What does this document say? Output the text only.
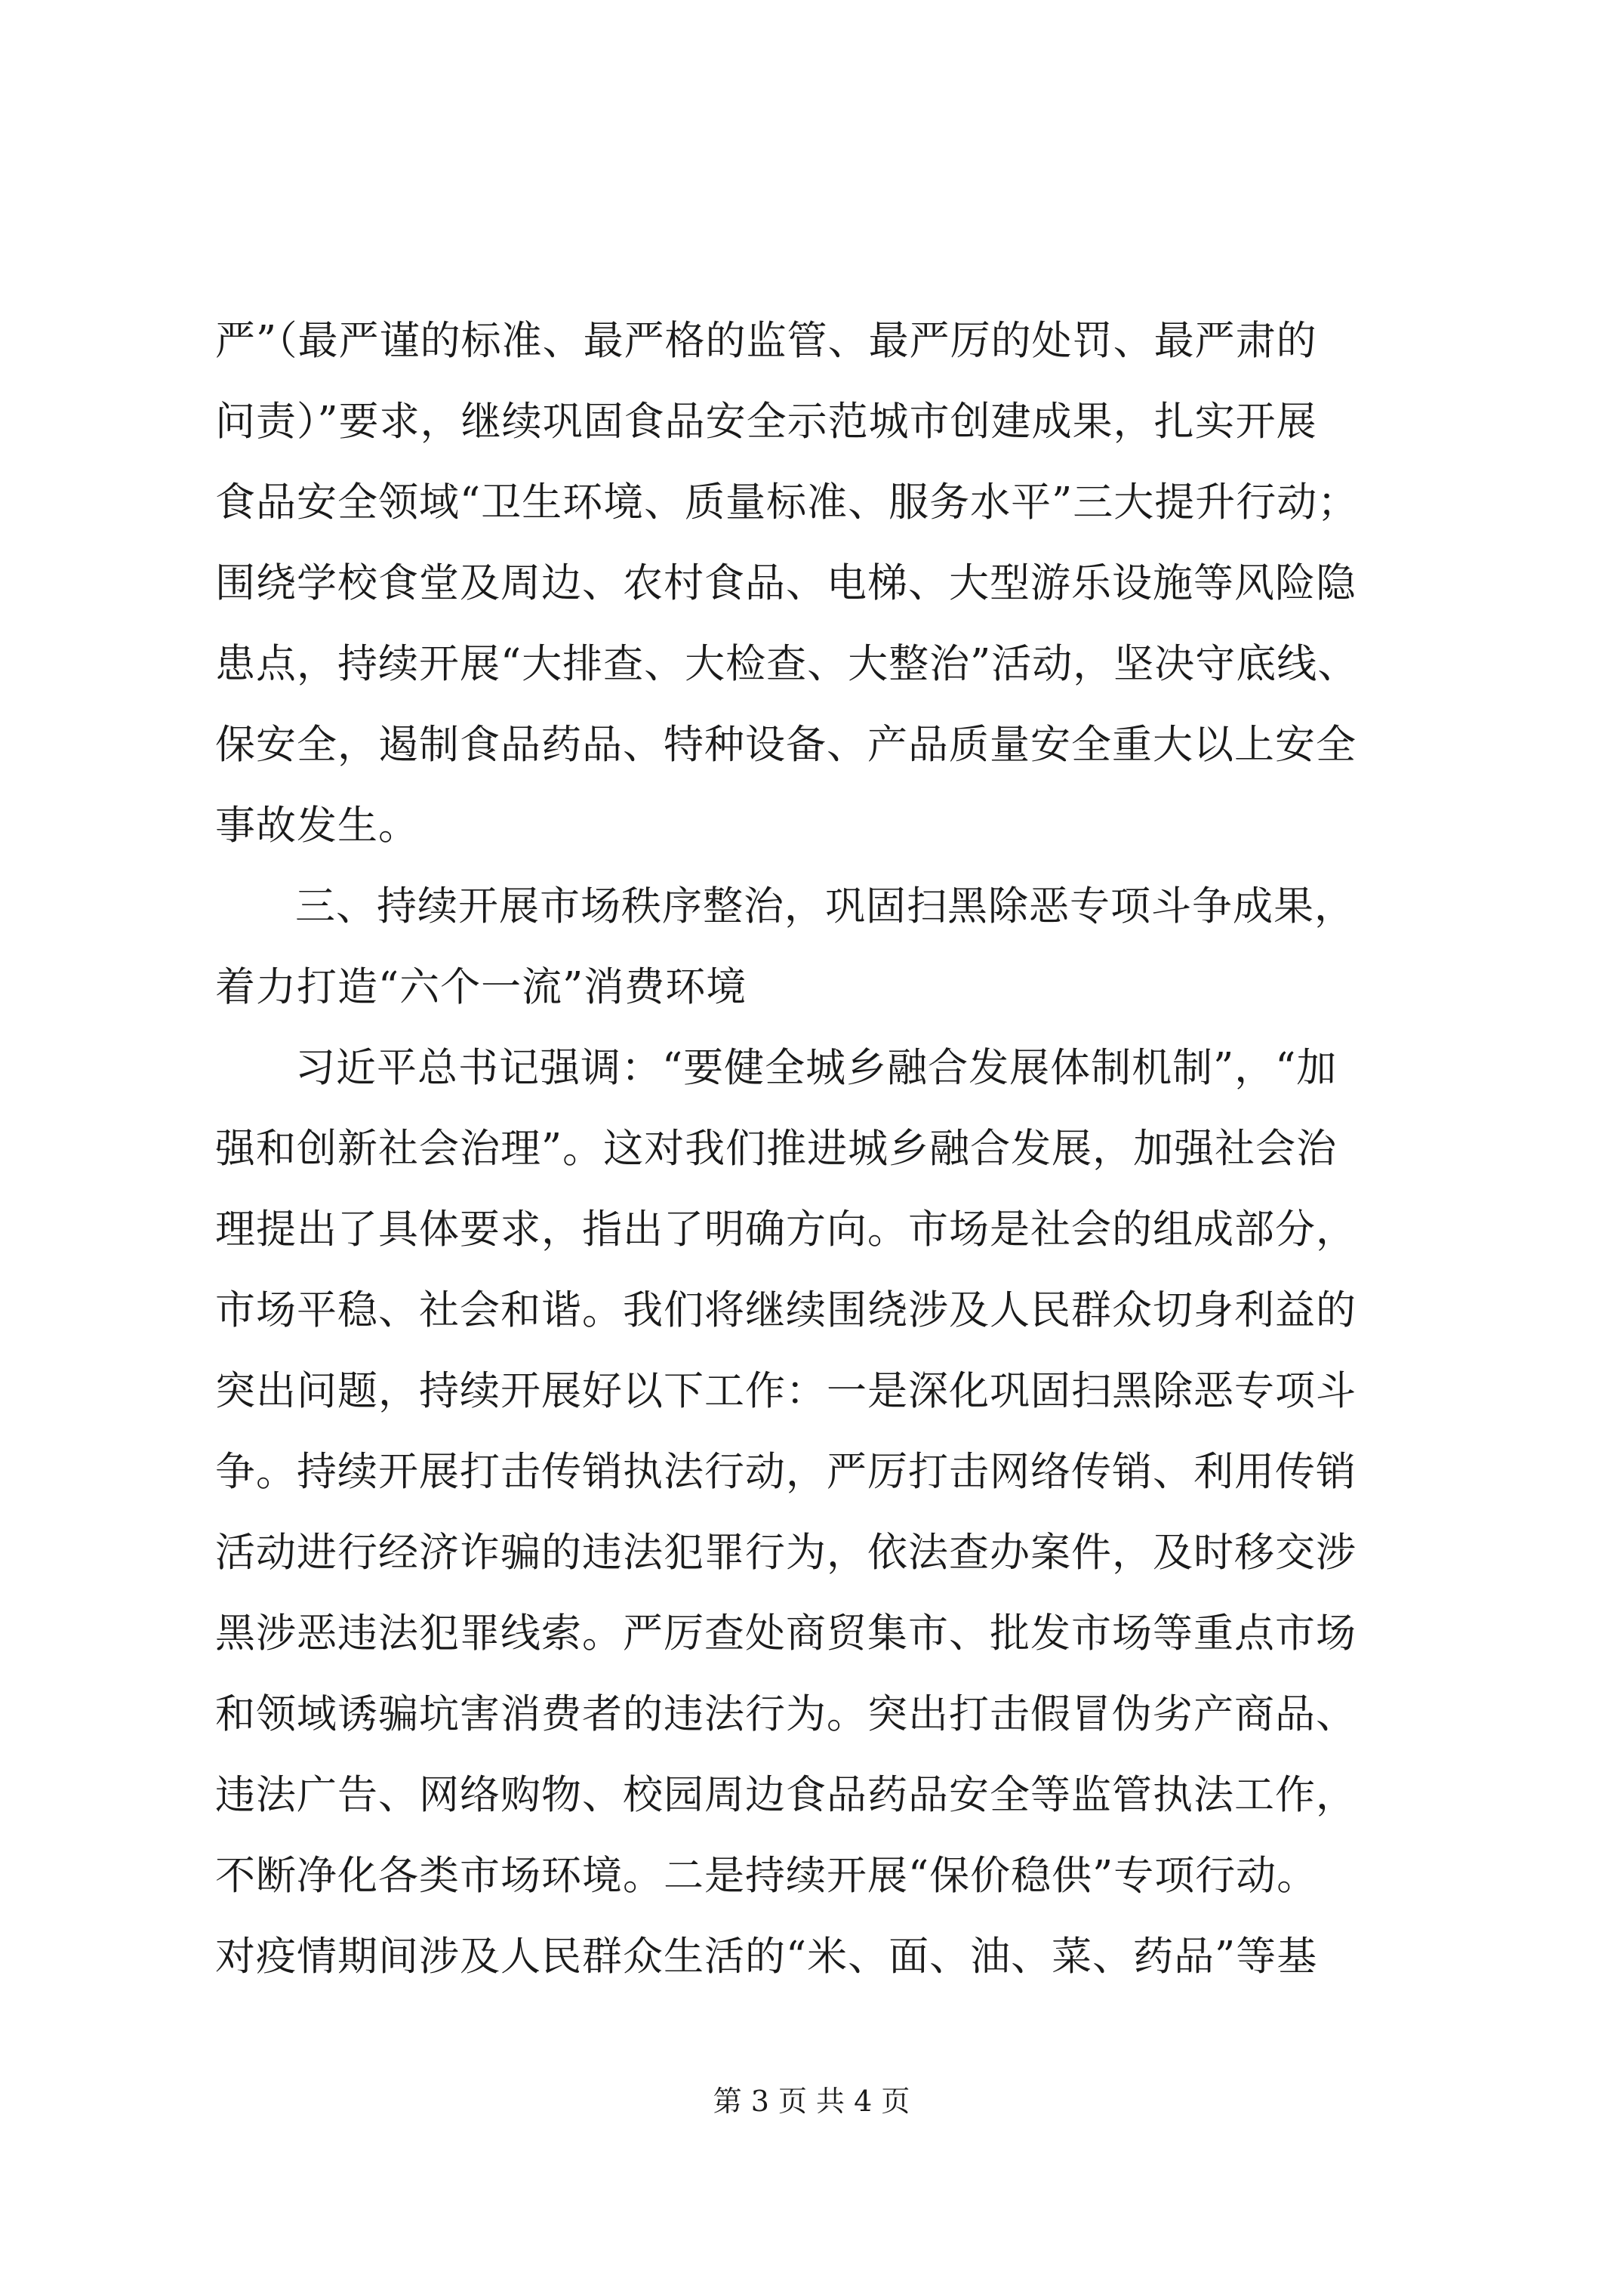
严”（最严谨的标准、最严格的监管、最严厉的处罚、最严肃的
问责）”要求，继续巩固食品安全示范城市创建成果，扎实开展
食品安全领域“卫生环境、质量标准、服务水平”三大提升行动；
围绕学校食堂及周边、农村食品、电梯、大型游乐设施等风险隐
患点，持续开展“大排查、大检查、大整治”活动，坚决守底线、
保安全，遏制食品药品、特种设备、产品质量安全重大以上安全
事故发生。
三、持续开展市场秩序整治，巩固扫黑除恶专项斗争成果，
着力打造“六个一流”消费环境
习近平总书记强调：“要健全城乡融合发展体制机制”，“加
强和创新社会治理”。这对我们推进城乡融合发展，加强社会治
理提出了具体要求，指出了明确方向。市场是社会的组成部分，
市场平稳、社会和谐。我们将继续围绕涉及人民群众切身利益的
突出问题，持续开展好以下工作：一是深化巩固扫黑除恶专项斗
争。持续开展打击传销执法行动，严厉打击网络传销、利用传销
活动进行经济诈骗的违法犯罪行为，依法查办案件，及时移交涉
黑涉恶违法犯罪线索。严厉查处商贸集市、批发市场等重点市场
和领域诱骗坑害消费者的违法行为。突出打击假冒伪劣产商品、
违法广告、网络购物、校园周边食品药品安全等监管执法工作，
不断净化各类市场环境。二是持续开展“保价稳供”专项行动。
对疫情期间涉及人民群众生活的“米、面、油、菜、药品”等基
第 3 页 共 4 页
